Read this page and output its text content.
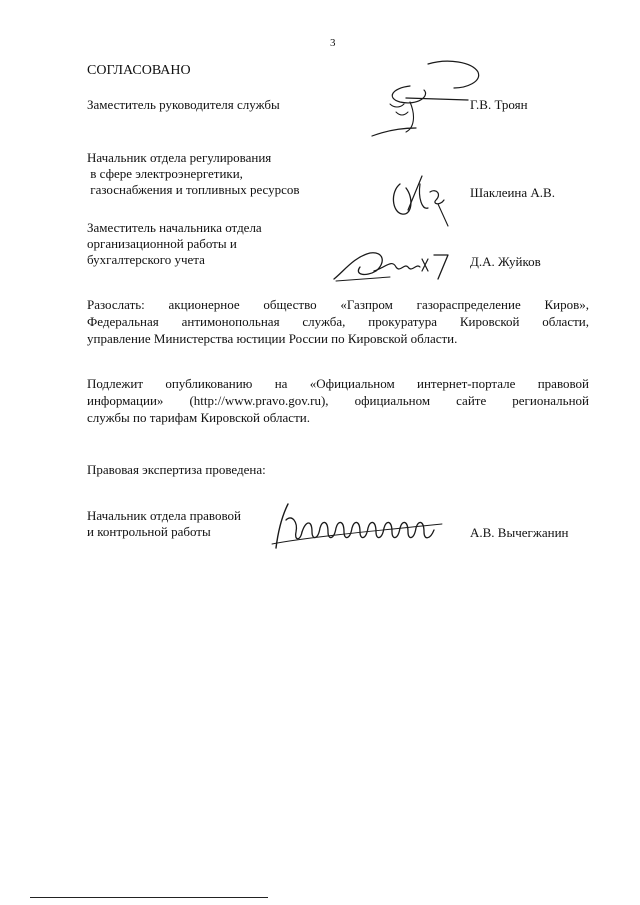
3
СОГЛАСОВАНО
Заместитель руководителя службы	Г.В. Троян
Начальник отдела регулирования
в сфере электроэнергетики,
газоснабжения и топливных ресурсов	Шаклеина А.В.
Заместитель начальника отдела
организационной работы и
бухгалтерского учета	Д.А. Жуйков
Разослать: акционерное общество «Газпром газораспределение Киров»,
Федеральная антимонопольная служба, прокуратура Кировской области,
управление Министерства юстиции России по Кировской области.
Подлежит опубликованию на «Официальном интернет-портале правовой
информации» (http://www.pravo.gov.ru), официальном сайте региональной
службы по тарифам Кировской области.
Правовая экспертиза проведена:
Начальник отдела правовой
и контрольной работы	А.В. Вычегжанин
